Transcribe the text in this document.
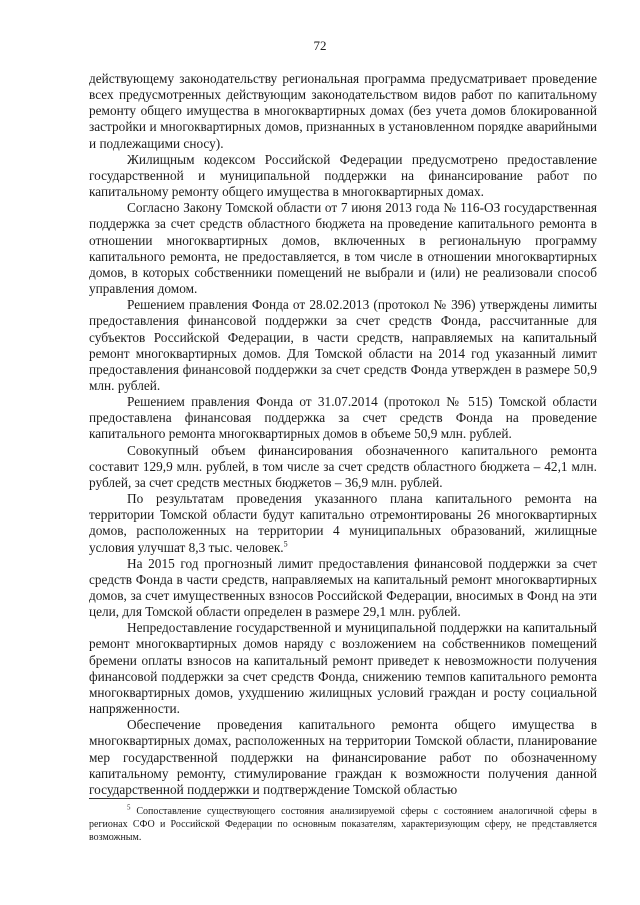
72

действующему законодательству региональная программа предусматривает проведение всех предусмотренных действующим законодательством видов работ по капитальному ремонту общего имущества в многоквартирных домах (без учета домов блокированной застройки и многоквартирных домов, признанных в установленном порядке аварийными и подлежащими сносу).

Жилищным кодексом Российской Федерации предусмотрено предоставление государственной и муниципальной поддержки на финансирование работ по капитальному ремонту общего имущества в многоквартирных домах.

Согласно Закону Томской области от 7 июня 2013 года № 116-ОЗ государственная поддержка за счет средств областного бюджета на проведение капитального ремонта в отношении многоквартирных домов, включенных в региональную программу капитального ремонта, не предоставляется, в том числе в отношении многоквартирных домов, в которых собственники помещений не выбрали и (или) не реализовали способ управления домом.

Решением правления Фонда от 28.02.2013 (протокол № 396) утверждены лимиты предоставления финансовой поддержки за счет средств Фонда, рассчитанные для субъектов Российской Федерации, в части средств, направляемых на капитальный ремонт многоквартирных домов. Для Томской области на 2014 год указанный лимит предоставления финансовой поддержки за счет средств Фонда утвержден в размере 50,9 млн. рублей.

Решением правления Фонда от 31.07.2014 (протокол № 515) Томской области предоставлена финансовая поддержка за счет средств Фонда на проведение капитального ремонта многоквартирных домов в объеме 50,9 млн. рублей.

Совокупный объем финансирования обозначенного капитального ремонта составит 129,9 млн. рублей, в том числе за счет средств областного бюджета – 42,1 млн. рублей, за счет средств местных бюджетов – 36,9 млн. рублей.

По результатам проведения указанного плана капитального ремонта на территории Томской области будут капитально отремонтированы 26 многоквартирных домов, расположенных на территории 4 муниципальных образований, жилищные условия улучшат 8,3 тыс. человек.$^5$

На 2015 год прогнозный лимит предоставления финансовой поддержки за счет средств Фонда в части средств, направляемых на капитальный ремонт многоквартирных домов, за счет имущественных взносов Российской Федерации, вносимых в Фонд на эти цели, для Томской области определен в размере 29,1 млн. рублей.

Непредоставление государственной и муниципальной поддержки на капитальный ремонт многоквартирных домов наряду с возложением на собственников помещений бремени оплаты взносов на капитальный ремонт приведет к невозможности получения финансовой поддержки за счет средств Фонда, снижению темпов капитального ремонта многоквартирных домов, ухудшению жилищных условий граждан и росту социальной напряженности.

Обеспечение проведения капитального ремонта общего имущества в многоквартирных домах, расположенных на территории Томской области, планирование мер государственной поддержки на финансирование работ по обозначенному капитальному ремонту, стимулирование граждан к возможности получения данной государственной поддержки и подтверждение Томской областью

$^5$ Сопоставление существующего состояния анализируемой сферы с состоянием аналогичной сферы в регионах СФО и Российской Федерации по основным показателям, характеризующим сферу, не представляется возможным.
